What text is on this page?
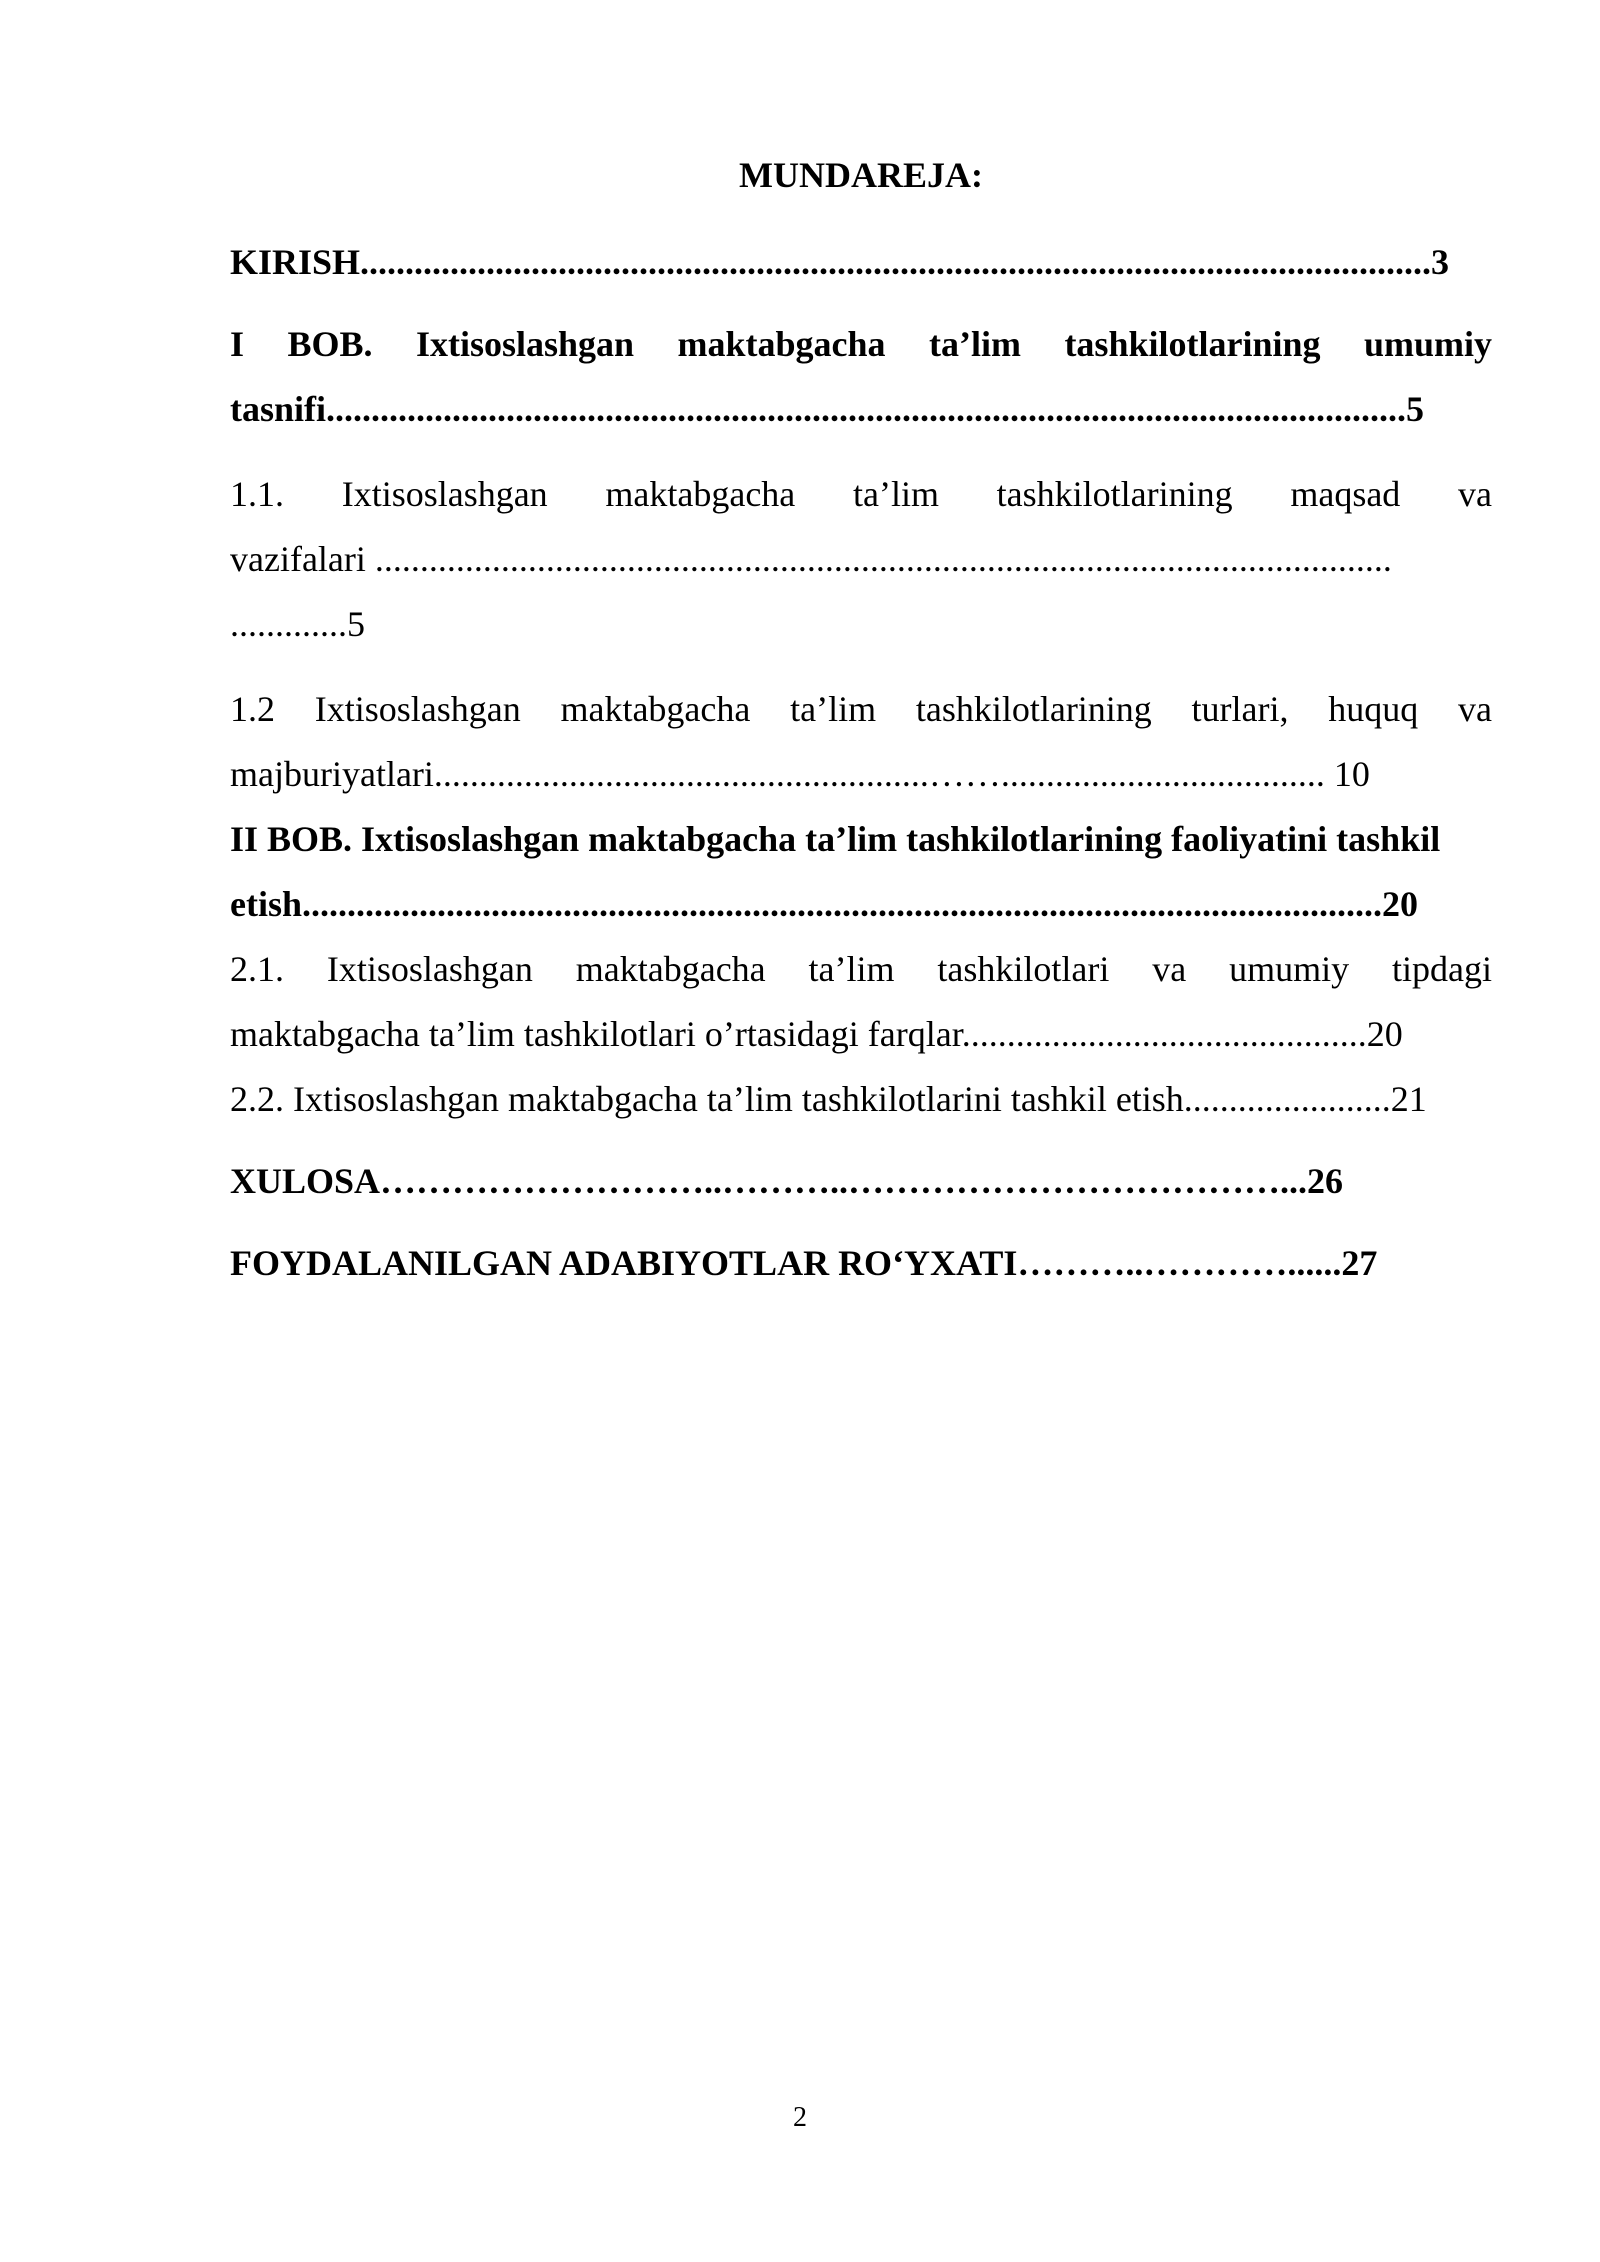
MUNDAREJA:
KIRISH.......................................................................................................................3
I BOB. Ixtisoslashgan maktabgacha ta’lim tashkilotlarining umumiy
tasnifi........................................................................................................................5
1.1. Ixtisoslashgan maktabgacha ta’lim tashkilotlarining maqsad va
vazifalari .................................................................................................................
.............5
1.2 Ixtisoslashgan maktabgacha ta’lim tashkilotlarining turlari, huquq va
majburiyatlari.......................................................…….................................... 10
II BOB. Ixtisoslashgan maktabgacha ta’lim tashkilotlarining faoliyatini tashkil
etish........................................................................................................................20
2.1. Ixtisoslashgan maktabgacha ta’lim tashkilotlari va umumiy tipdagi
maktabgacha ta’lim tashkilotlari o’rtasidagi farqlar.............................................20
2.2. Ixtisoslashgan maktabgacha ta’lim tashkilotlarini tashkil etish.......................21
XULOSA………………………..………..………………………………...26
FOYDALANILGAN ADABIYOTLAR RO‘YXATI………..…………......27
2
